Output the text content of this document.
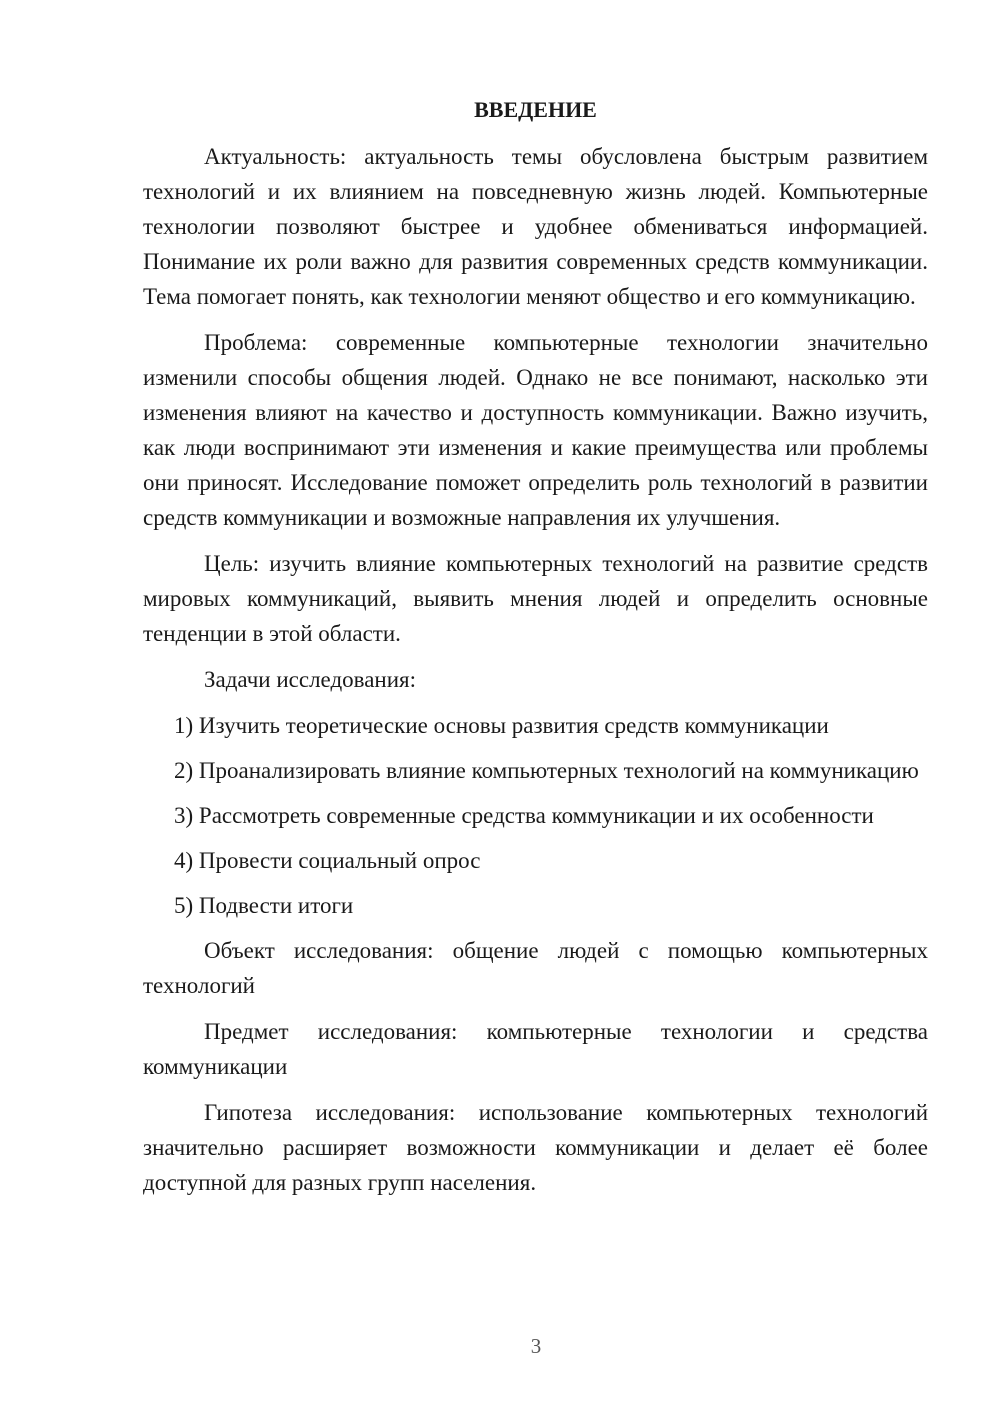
ВВЕДЕНИЕ

Актуальность: актуальность темы обусловлена быстрым развитием технологий и их влиянием на повседневную жизнь людей. Компьютерные технологии позволяют быстрее и удобнее обмениваться информацией. Понимание их роли важно для развития современных средств коммуникации. Тема помогает понять, как технологии меняют общество и его коммуникацию.

Проблема: современные компьютерные технологии значительно изменили способы общения людей. Однако не все понимают, насколько эти изменения влияют на качество и доступность коммуникации. Важно изучить, как люди воспринимают эти изменения и какие преимущества или проблемы они приносят. Исследование поможет определить роль технологий в развитии средств коммуникации и возможные направления их улучшения.

Цель: изучить влияние компьютерных технологий на развитие средств мировых коммуникаций, выявить мнения людей и определить основные тенденции в этой области.

Задачи исследования:

1) Изучить теоретические основы развития средств коммуникации

2) Проанализировать влияние компьютерных технологий на коммуникацию

3) Рассмотреть современные средства коммуникации и их особенности

4) Провести социальный опрос

5) Подвести итоги

Объект исследования: общение людей с помощью компьютерных технологий

Предмет исследования: компьютерные технологии и средства коммуникации

Гипотеза исследования: использование компьютерных технологий значительно расширяет возможности коммуникации и делает её более доступной для разных групп населения.

3
